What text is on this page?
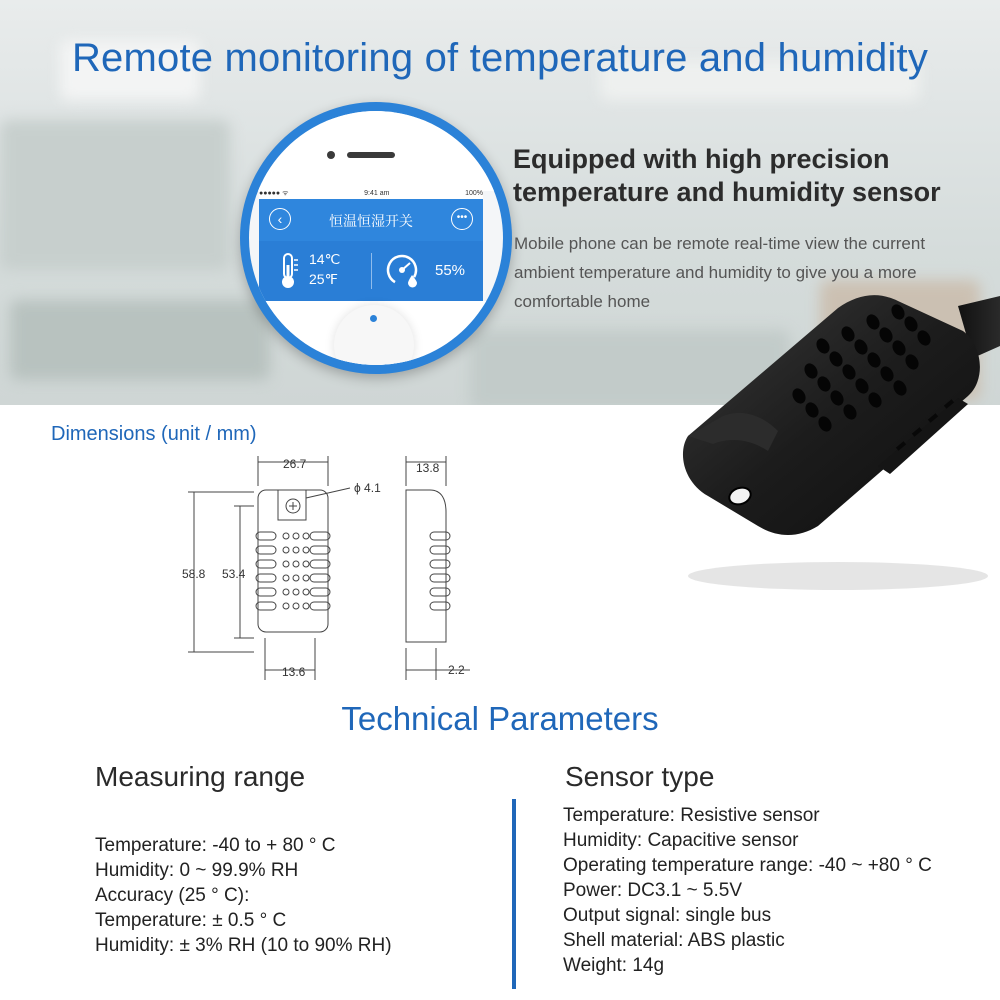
Remote monitoring of temperature and humidity
●●●●● ᯤ	9:41 am	100%
‹	恒温恒湿开关	•••
14℃
25℉	55%
Equipped with high precision
temperature and humidity sensor
Mobile phone can be remote real-time view the current ambient temperature and humidity to give you a more comfortable home
Dimensions (unit / mm)
26.7
ϕ 4.1
58.8 53.4
13.6
13.8
2.2
Technical Parameters
Measuring range	Sensor type
Temperature: -40 to + 80 ° C
Humidity: 0 ~ 99.9% RH
Accuracy (25 ° C):
Temperature: ± 0.5 ° C
Humidity: ± 3% RH (10 to 90% RH)
Temperature: Resistive sensor
Humidity: Capacitive sensor
Operating temperature range: -40 ~ +80 ° C
Power: DC3.1 ~ 5.5V
Output signal: single bus
Shell material: ABS plastic
Weight: 14g
